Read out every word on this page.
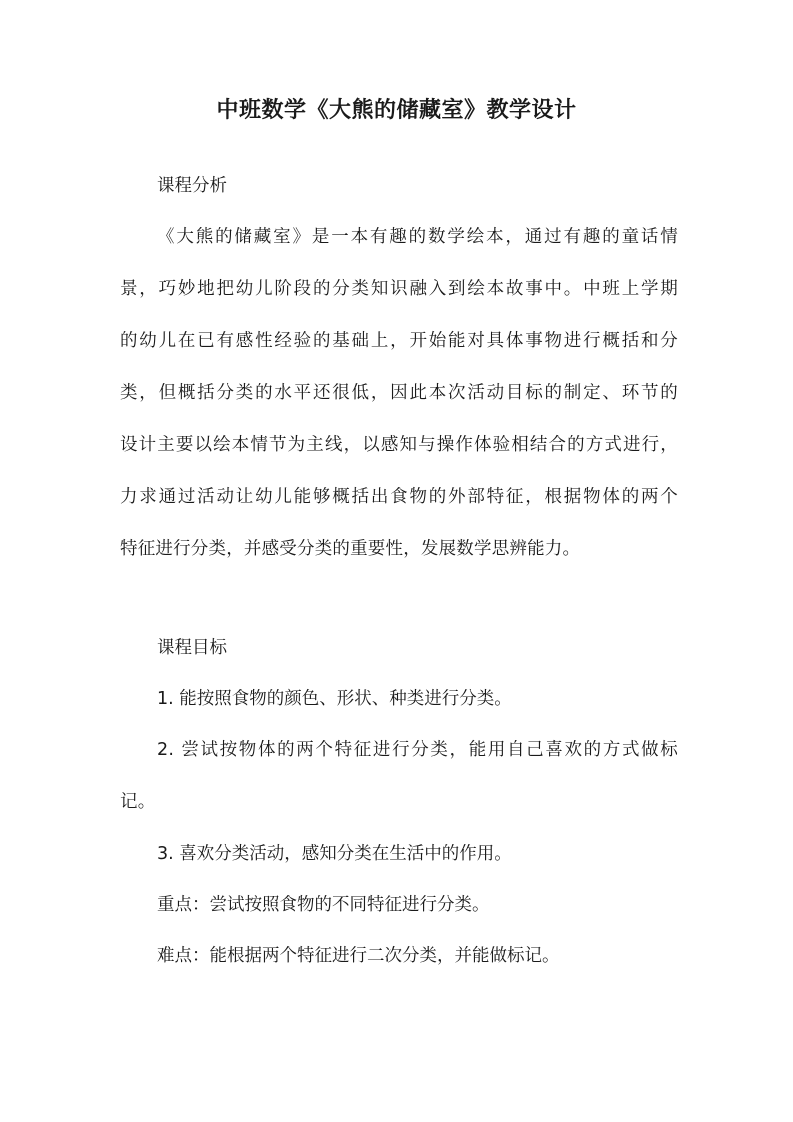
中班数学《大熊的储藏室》教学设计
课程分析
《大熊的储藏室》是一本有趣的数学绘本，通过有趣的童话情
景，巧妙地把幼儿阶段的分类知识融入到绘本故事中。中班上学期
的幼儿在已有感性经验的基础上，开始能对具体事物进行概括和分
类，但概括分类的水平还很低，因此本次活动目标的制定、环节的
设计主要以绘本情节为主线，以感知与操作体验相结合的方式进行，
力求通过活动让幼儿能够概括出食物的外部特征，根据物体的两个
特征进行分类，并感受分类的重要性，发展数学思辨能力。
课程目标
1. 能按照食物的颜色、形状、种类进行分类。
2. 尝试按物体的两个特征进行分类，能用自己喜欢的方式做标
记。
3. 喜欢分类活动，感知分类在生活中的作用。
重点：尝试按照食物的不同特征进行分类。
难点：能根据两个特征进行二次分类，并能做标记。
